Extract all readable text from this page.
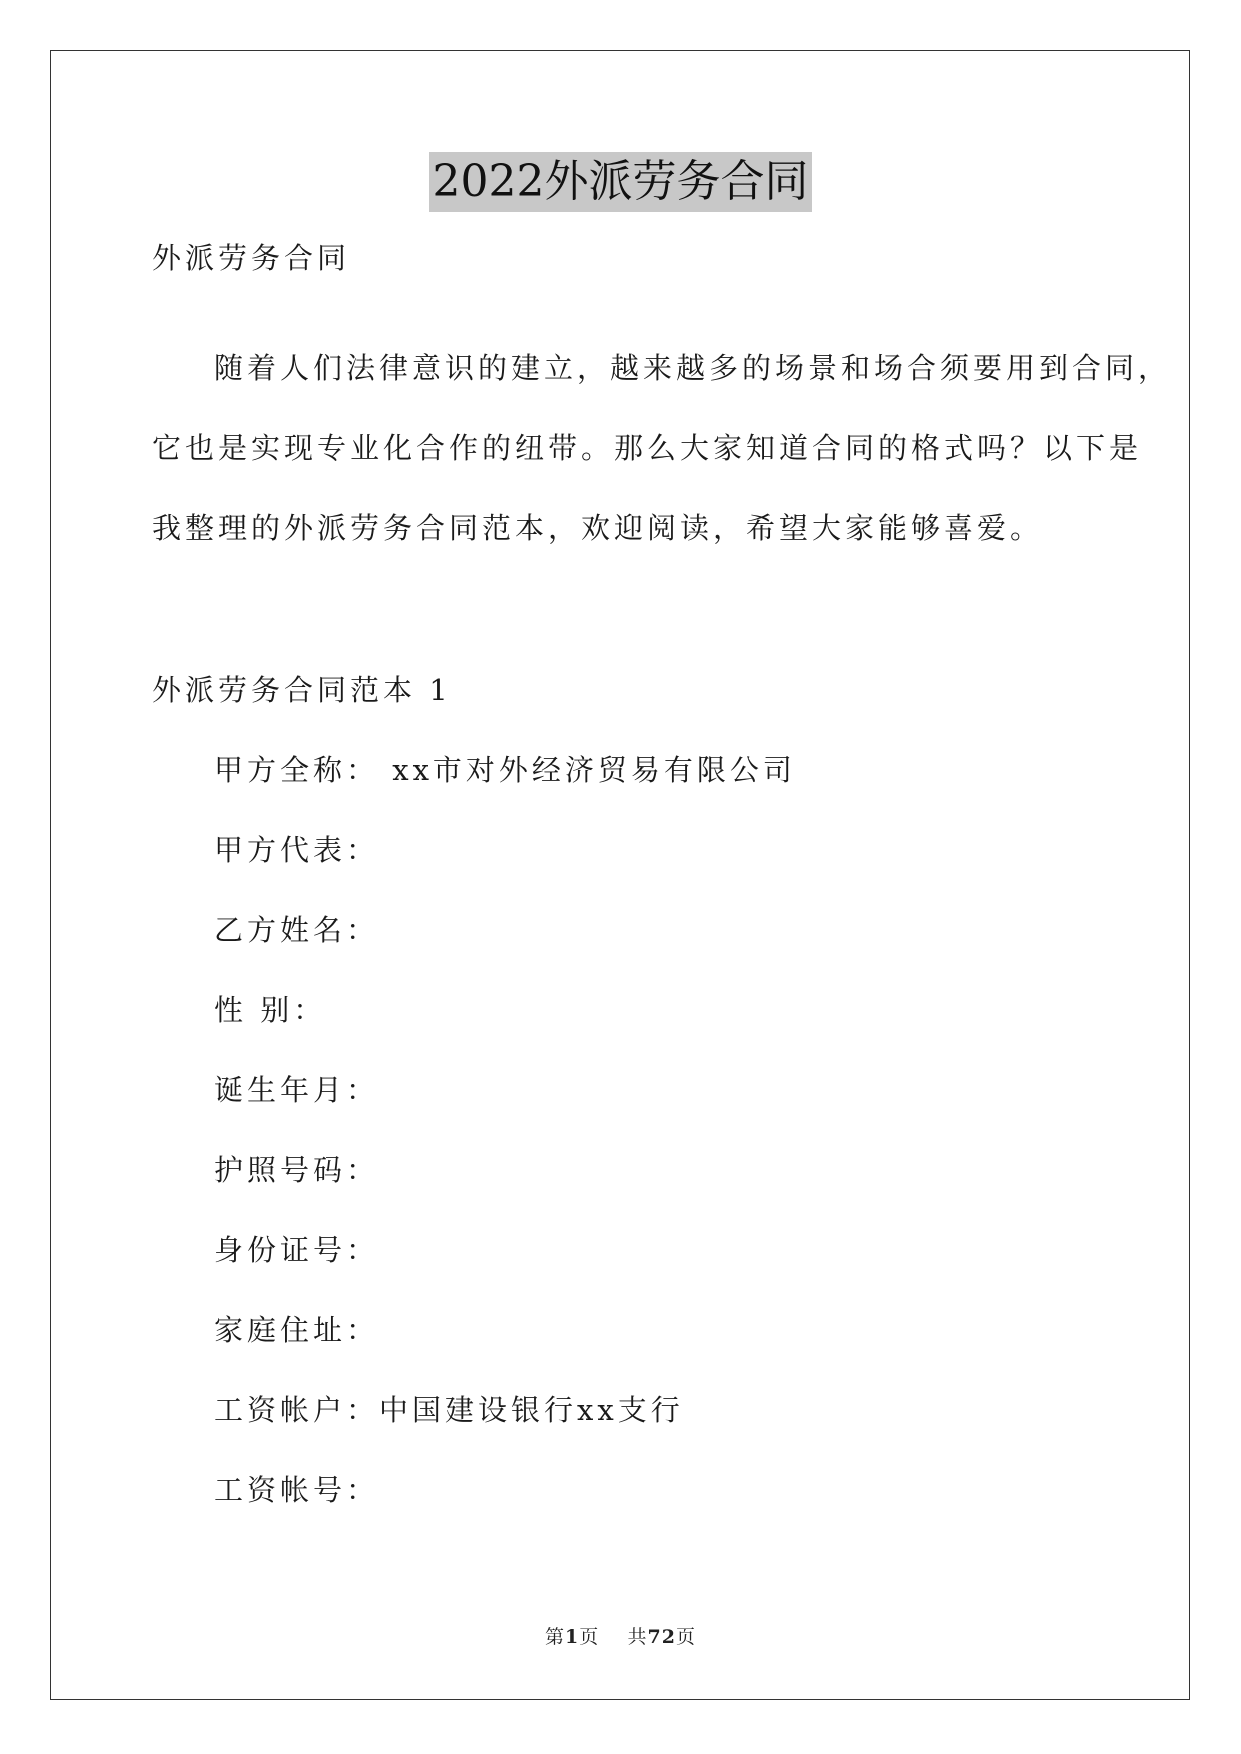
2022外派劳务合同
外派劳务合同
随着人们法律意识的建立，越来越多的场景和场合须要用到合同，
它也是实现专业化合作的纽带。那么大家知道合同的格式吗？以下是
我整理的外派劳务合同范本，欢迎阅读，希望大家能够喜爱。
外派劳务合同范本 1
甲方全称： xx市对外经济贸易有限公司
甲方代表：
乙方姓名：
性 别：
诞生年月：
护照号码：
身份证号：
家庭住址：
工资帐户：中国建设银行xx支行
工资帐号：
第1页 共72页
